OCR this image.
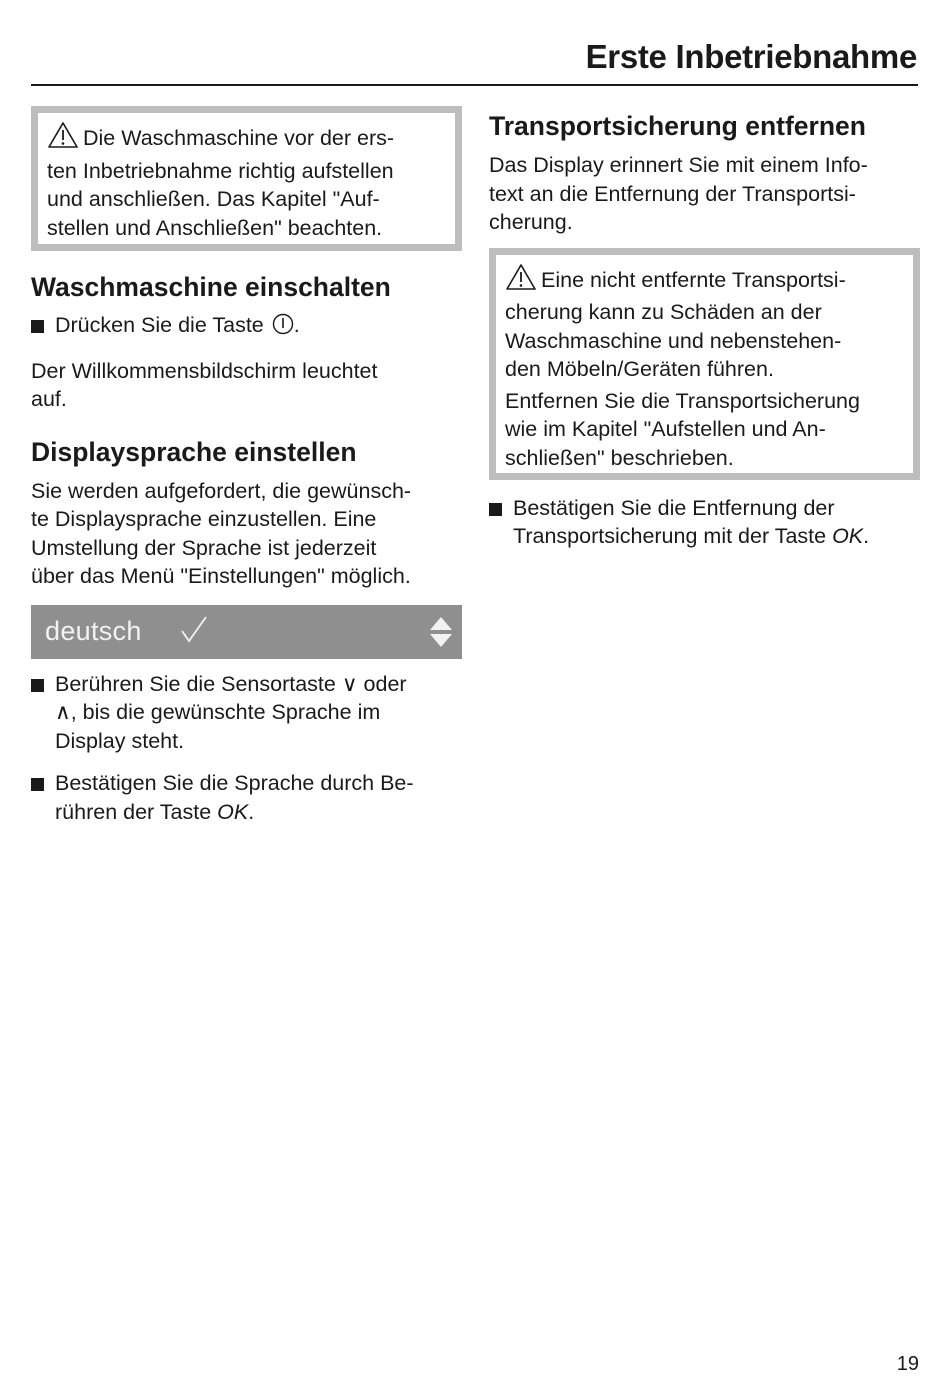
Erste Inbetriebnahme

Die Waschmaschine vor der ers-
ten Inbetriebnahme richtig aufstellen
und anschließen. Das Kapitel "Auf-
stellen und Anschließen" beachten.

Waschmaschine einschalten
Drücken Sie die Taste .

Der Willkommensbildschirm leuchtet
auf.

Displaysprache einstellen

Sie werden aufgefordert, die gewünsch-
te Displaysprache einzustellen. Eine
Umstellung der Sprache ist jederzeit
über das Menü "Einstellungen" möglich.

deutsch
Berühren Sie die Sensortaste ∨ oder
∧, bis die gewünschte Sprache im
Display steht.
Bestätigen Sie die Sprache durch Be-
rühren der Taste OK.
Transportsicherung entfernen

Das Display erinnert Sie mit einem Info-
text an die Entfernung der Transportsi-
cherung.

Eine nicht entfernte Transportsi-
cherung kann zu Schäden an der
Waschmaschine und nebenstehen-
den Möbeln/Geräten führen.

Entfernen Sie die Transportsicherung
wie im Kapitel "Aufstellen und An-
schließen" beschrieben.

Bestätigen Sie die Entfernung der
Transportsicherung mit der Taste OK.
19
